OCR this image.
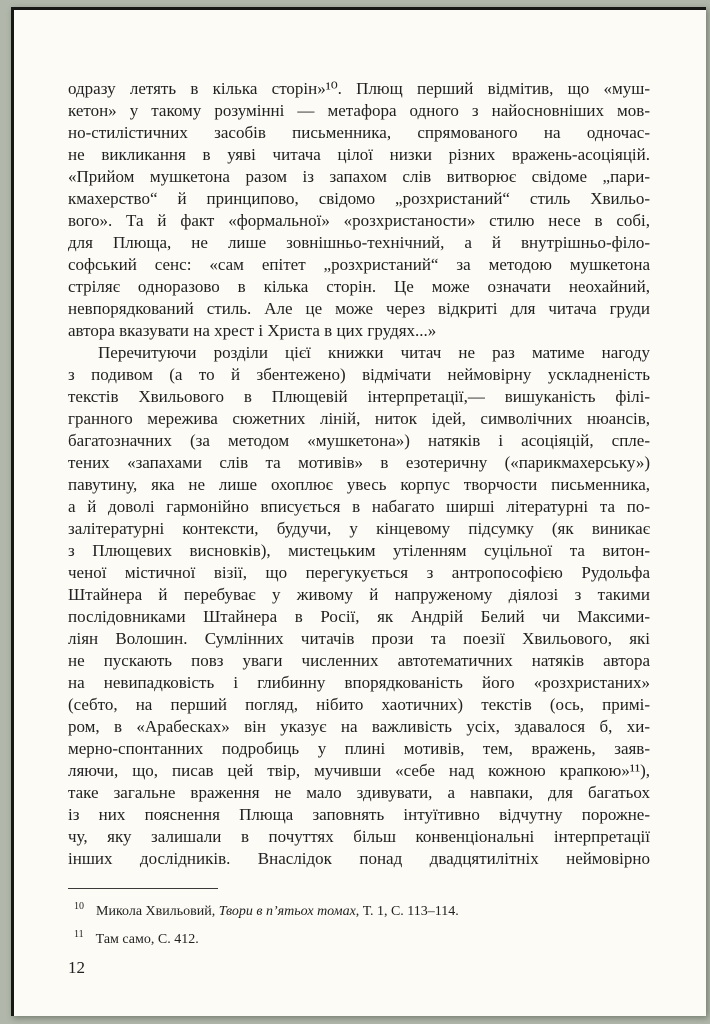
одразу летять в кілька сторін»¹⁰. Плющ перший відмітив, що «муш-
кетон» у такому розумінні — метафора одного з найосновніших мов-
но-стилістичних засобів письменника, спрямованого на одночас-
не викликання в уяві читача цілої низки різних вражень-асоціяцій.
«Прийом мушкетона разом із запахом слів витворює свідоме „пари-
кмахерство“ й принципово, свідомо „розхристаний“ стиль Хвильо-
вого». Та й факт «формальної» «розхристаности» стилю несе в собі,
для Плюща, не лише зовнішньо-технічний, а й внутрішньо-філо-
софський сенс: «сам епітет „розхристаний“ за методою мушкетона
стріляє одноразово в кілька сторін. Це може означати неохайний,
невпорядкований стиль. Але це може через відкриті для читача груди
автора вказувати на хрест і Христа в цих грудях...»
Перечитуючи розділи цієї книжки читач не раз матиме нагоду
з подивом (а то й збентежено) відмічати неймовірну ускладненість
текстів Хвильового в Плющевій інтерпретації,— вишуканість філі-
гранного мережива сюжетних ліній, ниток ідей, символічних нюансів,
багатозначних (за методом «мушкетона») натяків і асоціяцій, спле-
тених «запахами слів та мотивів» в езотеричну («парикмахерську»)
павутину, яка не лише охоплює увесь корпус творчости письменника,
а й доволі гармонійно вписується в набагато ширші літературні та по-
залітературні контексти, будучи, у кінцевому підсумку (як виникає
з Плющевих висновків), мистецьким утіленням суцільної та витон-
ченої містичної візії, що перегукується з антропософією Рудольфа
Штайнера й перебуває у живому й напруженому діялозі з такими
послідовниками Штайнера в Росії, як Андрій Белий чи Максими-
ліян Волошин. Сумлінних читачів прози та поезії Хвильового, які
не пускають повз уваги численних автотематичних натяків автора
на невипадковість і глибинну впорядкованість його «розхристаних»
(себто, на перший погляд, нібито хаотичних) текстів (ось, примі-
ром, в «Арабесках» він указує на важливість усіх, здавалося б, хи-
мерно-спонтанних подробиць у плині мотивів, тем, вражень, заяв-
ляючи, що, писав цей твір, мучивши «себе над кожною крапкою»¹¹),
таке загальне враження не мало здивувати, а навпаки, для багатьох
із них пояснення Плюща заповнять інтуїтивно відчутну порожне-
чу, яку залишали в почуттях більш конвенціональні інтерпретації
інших дослідників. Внаслідок понад двадцятилітніх неймовірно
$^{10}$ Микола Хвильовий, Твори в п’ятьох томах, Т. 1, С. 113–114.
$^{11}$ Там само, С. 412.
12
